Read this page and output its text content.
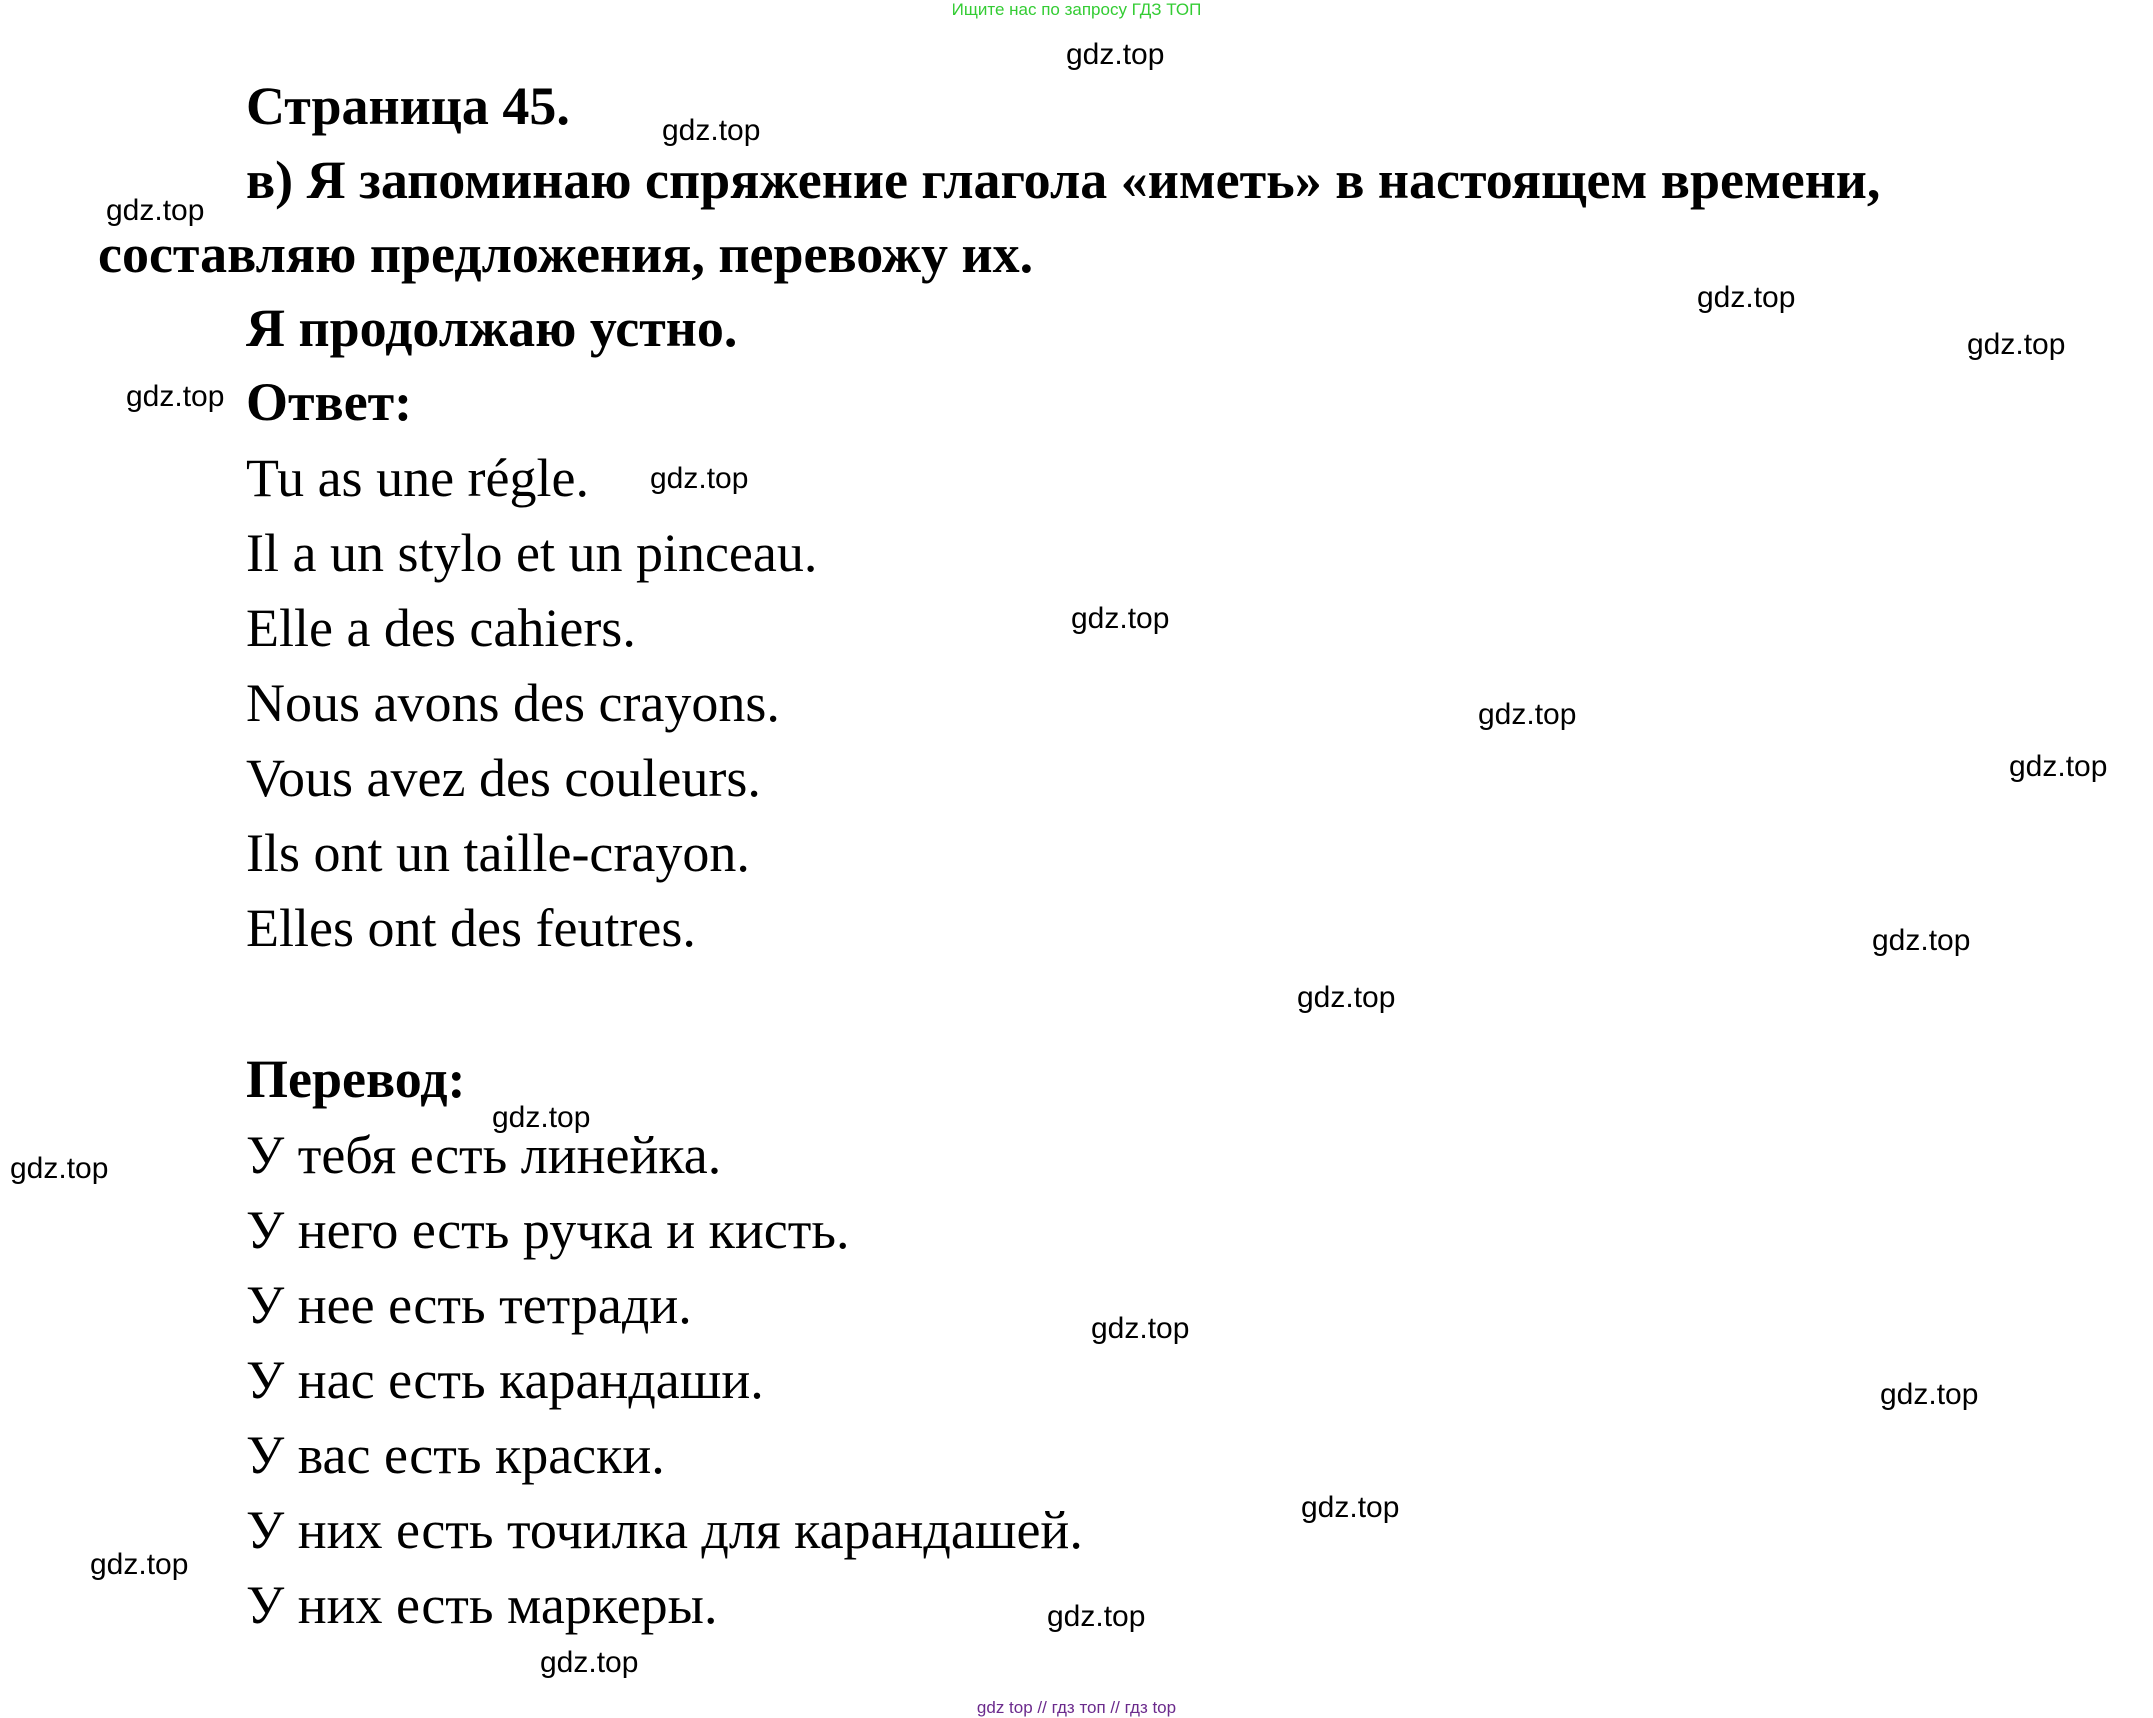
Ищите нас по запросу ГДЗ ТОП
Страница 45.
в) Я запоминаю спряжение глагола «иметь» в настоящем времени,
составляю предложения, перевожу их.
Я продолжаю устно.
Ответ:
Tu as une régle.
Il a un stylo et un pinceau.
Elle a des cahiers.
Nous avons des crayons.
Vous avez des couleurs.
Ils ont un taille-crayon.
Elles ont des feutres.
Перевод:
У тебя есть линейка.
У него есть ручка и кисть.
У нее есть тетради.
У нас есть карандаши.
У вас есть краски.
У них есть точилка для карандашей.
У них есть маркеры.
gdz.top
gdz.top
gdz.top
gdz.top
gdz.top
gdz.top
gdz.top
gdz.top
gdz.top
gdz.top
gdz.top
gdz.top
gdz.top
gdz.top
gdz.top
gdz.top
gdz.top
gdz.top
gdz.top
gdz.top
gdz top // гдз топ // гдз top
